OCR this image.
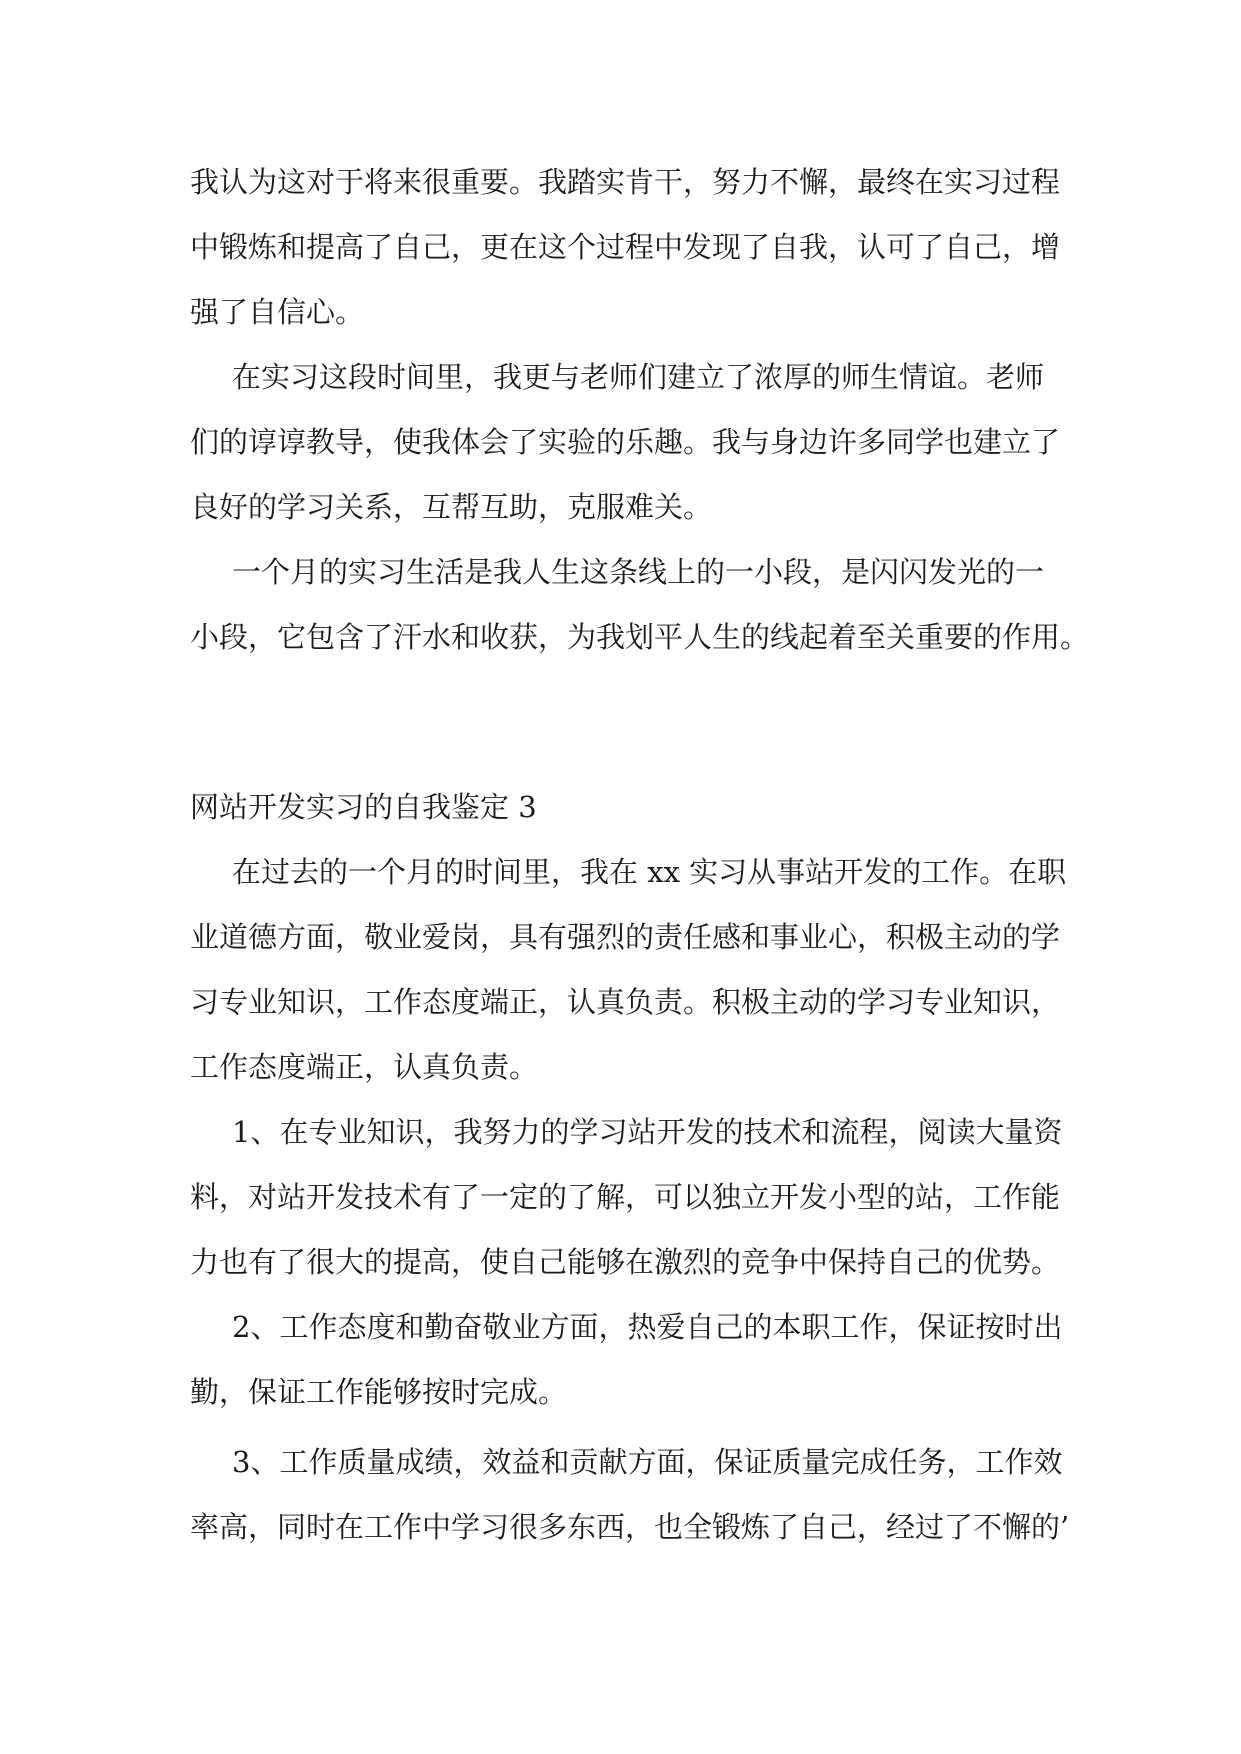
我认为这对于将来很重要。我踏实肯干，努力不懈，最终在实习过程
中锻炼和提高了自己，更在这个过程中发现了自我，认可了自己，增
强了自信心。
在实习这段时间里，我更与老师们建立了浓厚的师生情谊。老师
们的谆谆教导，使我体会了实验的乐趣。我与身边许多同学也建立了
良好的学习关系，互帮互助，克服难关。
一个月的实习生活是我人生这条线上的一小段，是闪闪发光的一
小段，它包含了汗水和收获，为我划平人生的线起着至关重要的作用。
网站开发实习的自我鉴定 3
在过去的一个月的时间里，我在 xx 实习从事站开发的工作。在职
业道德方面，敬业爱岗，具有强烈的责任感和事业心，积极主动的学
习专业知识，工作态度端正，认真负责。积极主动的学习专业知识，
工作态度端正，认真负责。
1、在专业知识，我努力的学习站开发的技术和流程，阅读大量资
料，对站开发技术有了一定的了解，可以独立开发小型的站，工作能
力也有了很大的提高，使自己能够在激烈的竞争中保持自己的优势。
2、工作态度和勤奋敬业方面，热爱自己的本职工作，保证按时出
勤，保证工作能够按时完成。
3、工作质量成绩，效益和贡献方面，保证质量完成任务，工作效
率高，同时在工作中学习很多东西，也全锻炼了自己，经过了不懈的’
